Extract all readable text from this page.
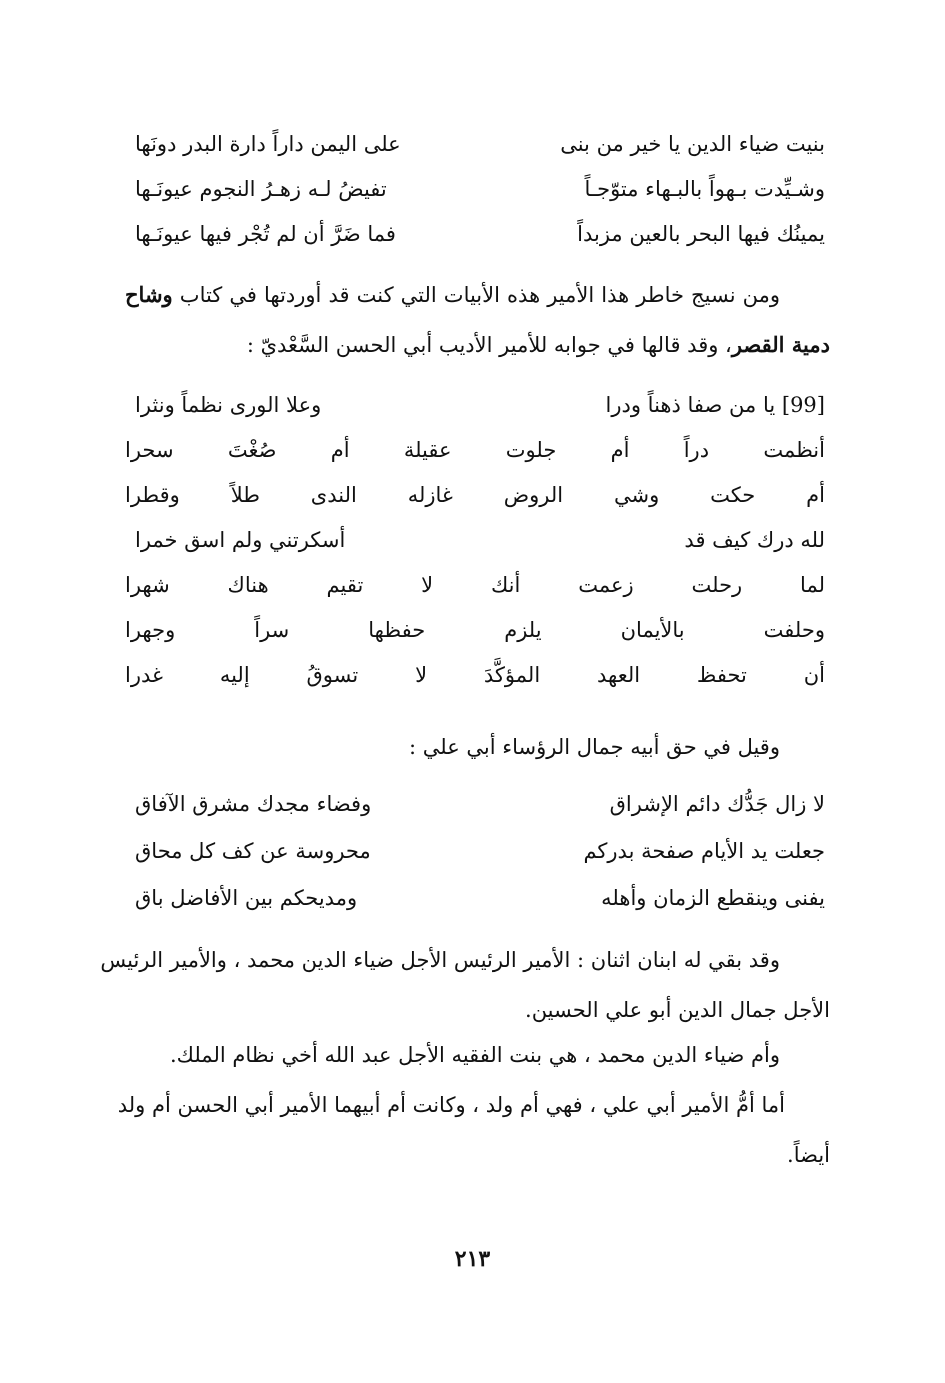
بنيت ضياء الدين يا خير من بنى
على اليمن داراً دارة البدر دونَها
وشـيِّدت بـهواً بالبـهاء متوّجـاً
تفيضُ لـه زهـرُ النجوم عيونَـها
يمينُك فيها البحر بالعين مزبداً
فما ضَرَّ أن لم تُجْر فيها عيونَـها
ومن نسيج خاطر هذا الأمير هذه الأبيات التي كنت قد أوردتها في كتاب وشاح
دمية القصر، وقد قالها في جوابه للأمير الأديب أبي الحسن السَّعْديّ :
[99] يا من صفا ذهناً ودرا
وعلا الورى نظماً ونثرا
أنظمت دراً أم جلوت عقيلة أم صُغْتَ سحرا
أم حكت وشي الروض غازله الندى طلاً وقطرا
لله درك كيف قد
أسكرتني ولم اسق خمرا
لما رحلت زعمت أنك لا تقيم هناك شهرا
وحلفت بالأيمان يلزم حفظها سراً وجهرا
أن تحفظ العهد المؤكَّدَ لا تسوقُ إليه غدرا
وقيل في حق أبيه جمال الرؤساء أبي علي :
لا زال جَدُّك دائم الإشراق
وفضاء مجدك مشرق الآفاق
جعلت يد الأيام صفحة بدركم
محروسة عن كف كل محاق
يفنى وينقطع الزمان وأهله
ومديحكم بين الأفاضل باق
وقد بقي له ابنان اثنان : الأمير الرئيس الأجل ضياء الدين محمد ، والأمير الرئيس
الأجل جمال الدين أبو علي الحسين.
وأم ضياء الدين محمد ، هي بنت الفقيه الأجل عبد الله أخي نظام الملك.
أما أمُّ الأمير أبي علي ، فهي أم ولد ، وكانت أم أبيهما الأمير أبي الحسن أم ولد
أيضاً.
٢١٣
